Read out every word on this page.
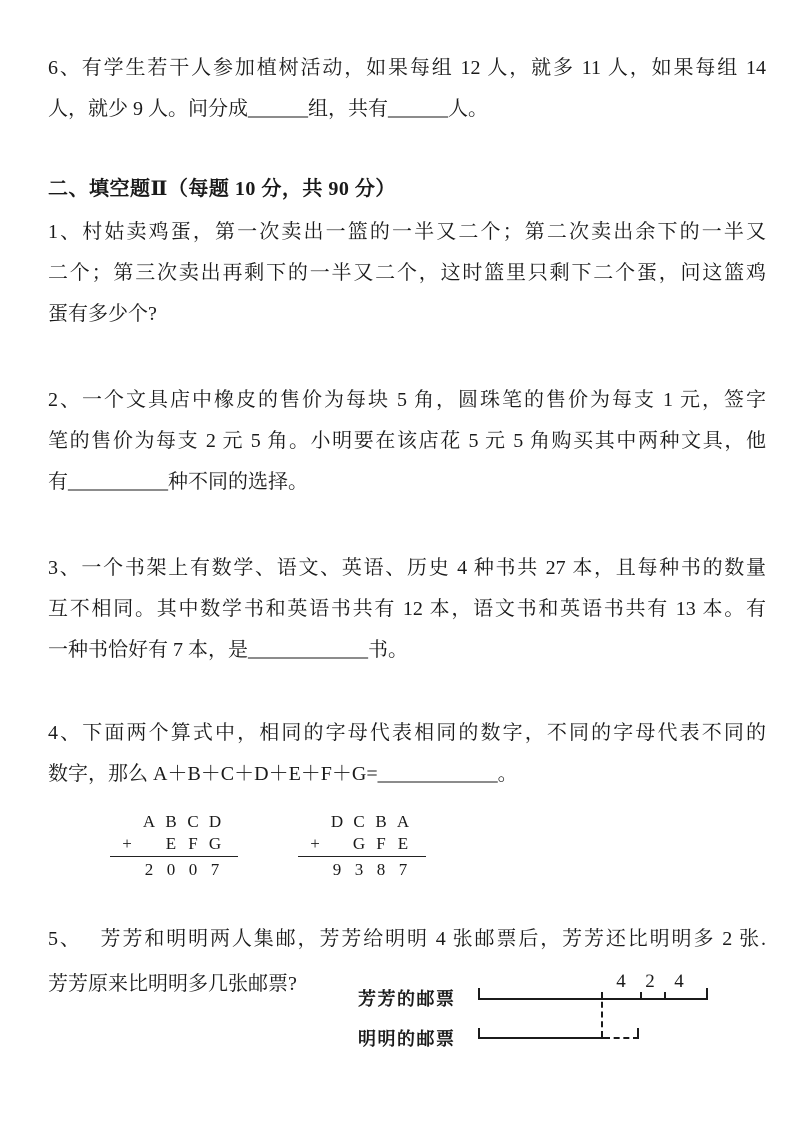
6、有学生若干人参加植树活动，如果每组 12 人，就多 11 人，如果每组 14
人，就少 9 人。问分成______组，共有______人。
二、填空题Ⅱ（每题 10 分，共 90 分）
1、村姑卖鸡蛋，第一次卖出一篮的一半又二个；第二次卖出余下的一半又
二个；第三次卖出再剩下的一半又二个，这时篮里只剩下二个蛋，问这篮鸡
蛋有多少个?
2、一个文具店中橡皮的售价为每块 5 角，圆珠笔的售价为每支 1 元，签字
笔的售价为每支 2 元 5 角。小明要在该店花 5 元 5 角购买其中两种文具，他
有__________种不同的选择。
3、一个书架上有数学、语文、英语、历史 4 种书共 27 本，且每种书的数量
互不相同。其中数学书和英语书共有 12 本，语文书和英语书共有 13 本。有
一种书恰好有 7 本，是____________书。
4、下面两个算式中，相同的字母代表相同的数字，不同的字母代表不同的
数字，那么 A＋B＋C＋D＋E＋F＋G=____________。
A B C D
+ E F G
2 0 0 7
D C B A
+ G F E
9 3 8 7
5、　 芳芳和明明两人集邮，芳芳给明明 4 张邮票后，芳芳还比明明多 2 张.
芳芳原来比明明多几张邮票?
芳芳的邮票
明明的邮票
4	2	4
